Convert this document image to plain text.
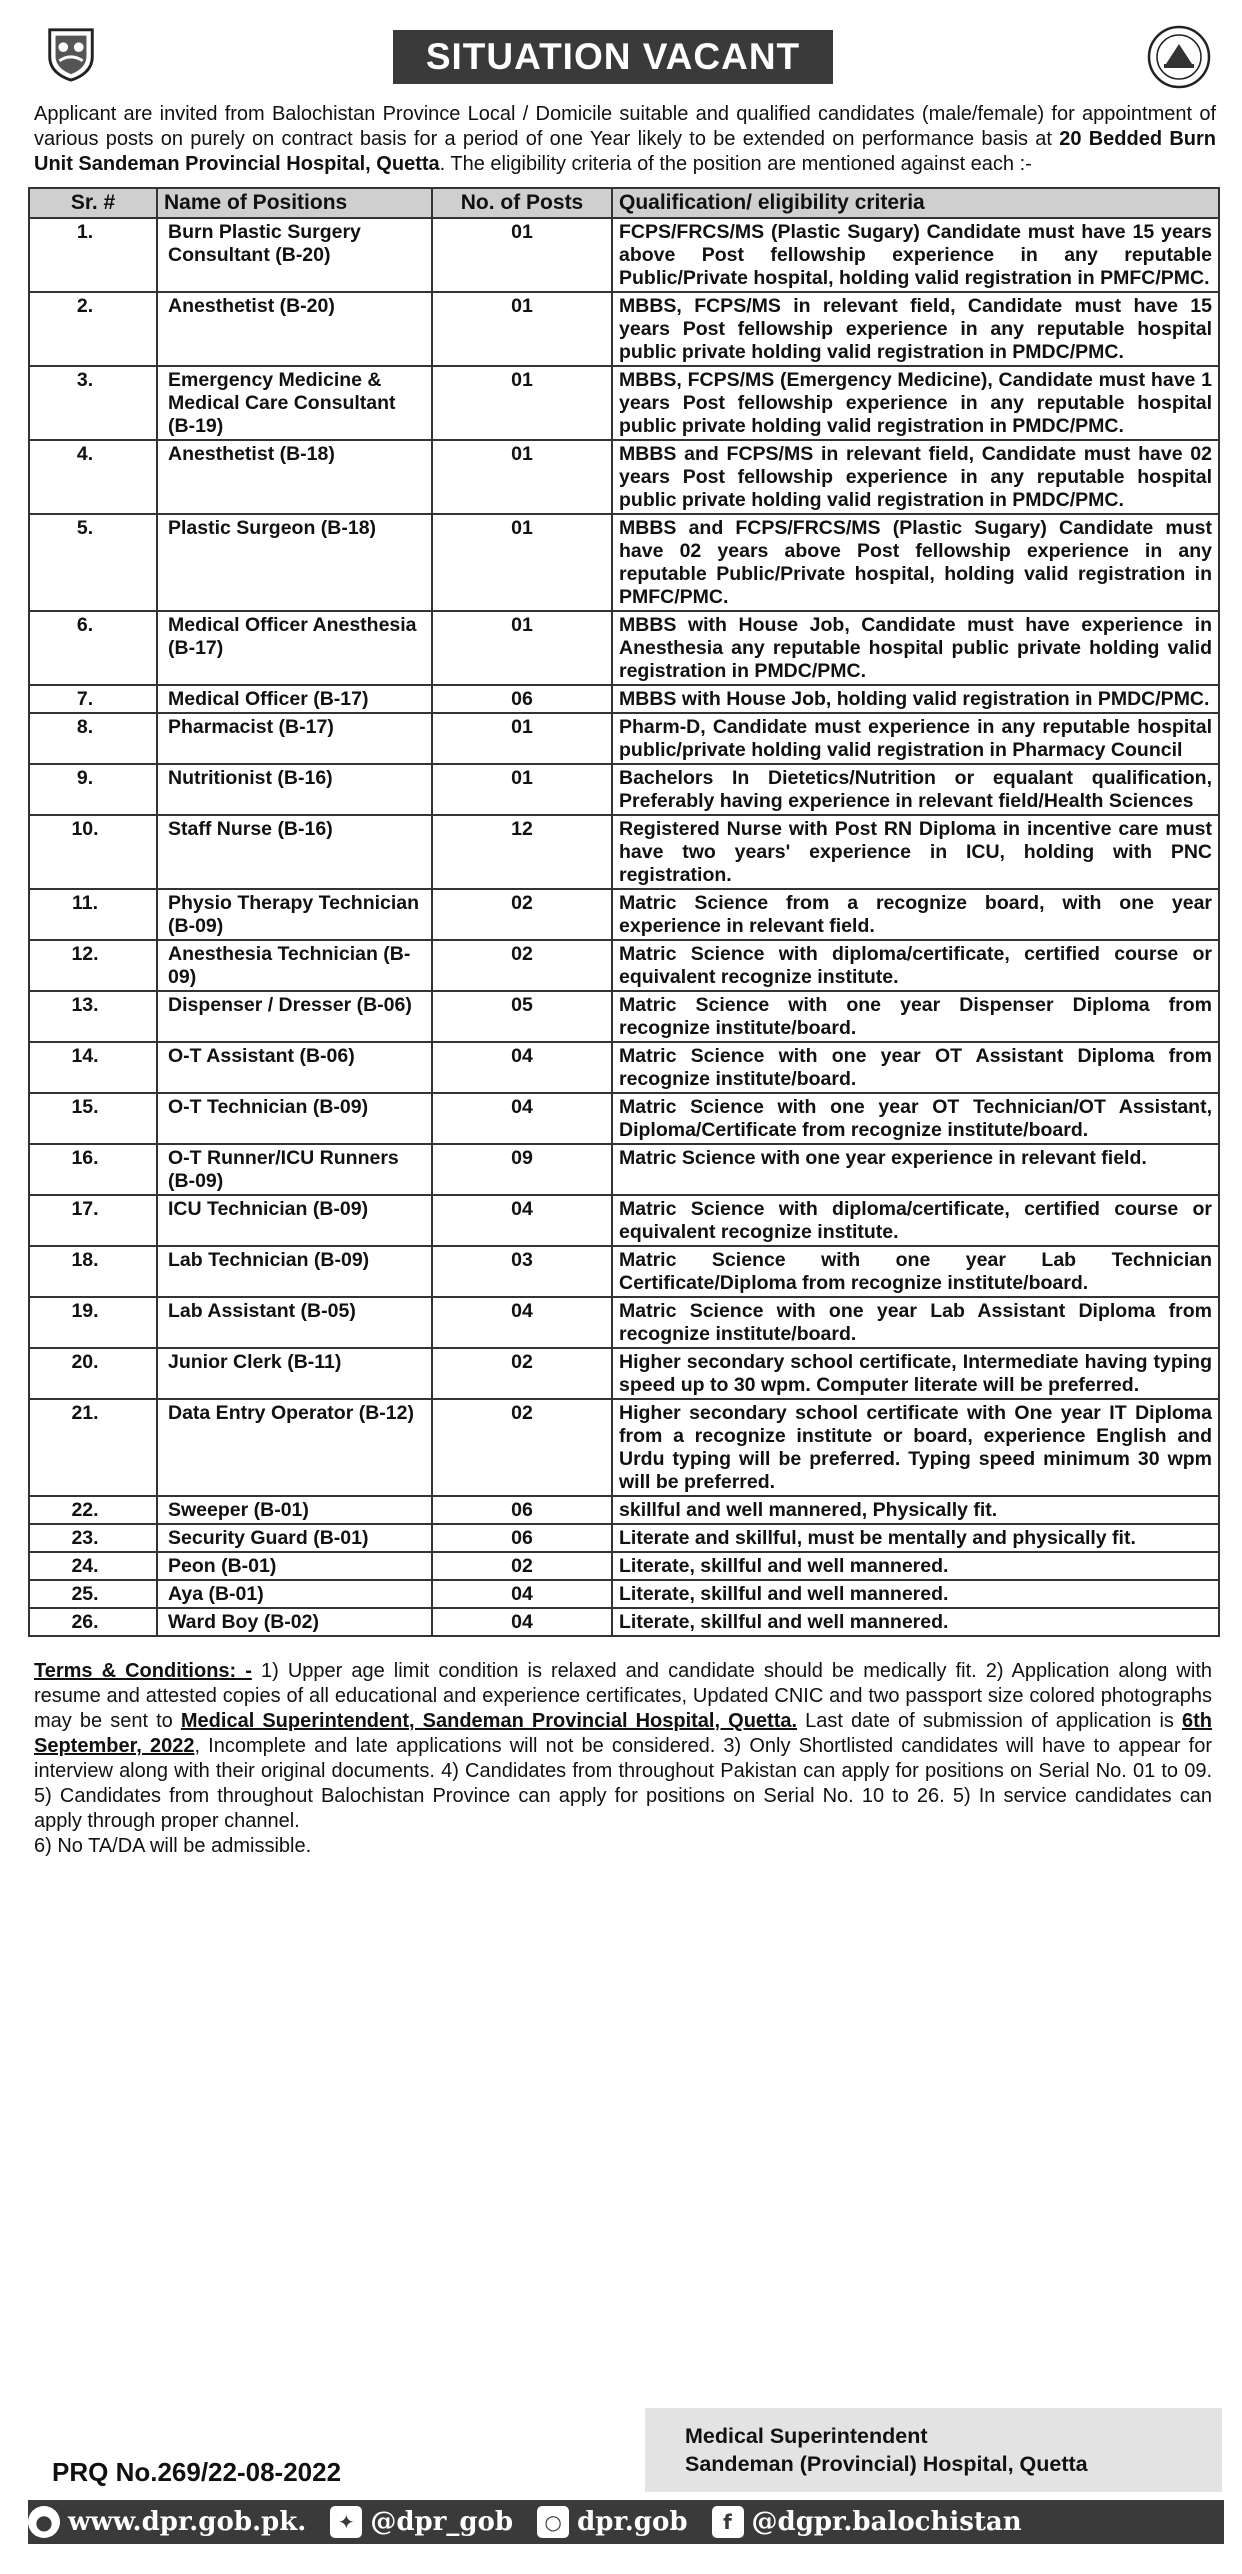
SITUATION VACANT

Applicant are invited from Balochistan Province Local / Domicile suitable and qualified candidates (male/female) for appointment of various posts on purely on contract basis for a period of one Year likely to be extended on performance basis at 20 Bedded Burn Unit Sandeman Provincial Hospital, Quetta. The eligibility criteria of the position are mentioned against each :-

Sr. #	Name of Positions	No. of Posts	Qualification/ eligibility criteria
1.	Burn Plastic Surgery Consultant (B-20)	01	FCPS/FRCS/MS (Plastic Sugary) Candidate must have 15 years above Post fellowship experience in any reputable Public/Private hospital, holding valid registration in PMFC/PMC.
2.	Anesthetist (B-20)	01	MBBS, FCPS/MS in relevant field, Candidate must have 15 years Post fellowship experience in any reputable hospital public private holding valid registration in PMDC/PMC.
3.	Emergency Medicine & Medical Care Consultant (B-19)	01	MBBS, FCPS/MS (Emergency Medicine), Candidate must have 1 years Post fellowship experience in any reputable hospital public private holding valid registration in PMDC/PMC.
4.	Anesthetist (B-18)	01	MBBS and FCPS/MS in relevant field, Candidate must have 02 years Post fellowship experience in any reputable hospital public private holding valid registration in PMDC/PMC.
5.	Plastic Surgeon (B-18)	01	MBBS and FCPS/FRCS/MS (Plastic Sugary) Candidate must have 02 years above Post fellowship experience in any reputable Public/Private hospital, holding valid registration in PMFC/PMC.
6.	Medical Officer Anesthesia (B-17)	01	MBBS with House Job, Candidate must have experience in Anesthesia any reputable hospital public private holding valid registration in PMDC/PMC.
7.	Medical Officer (B-17)	06	MBBS with House Job, holding valid registration in PMDC/PMC.
8.	Pharmacist (B-17)	01	Pharm-D, Candidate must experience in any reputable hospital public/private holding valid registration in Pharmacy Council
9.	Nutritionist (B-16)	01	Bachelors In Dietetics/Nutrition or equalant qualification, Preferably having experience in relevant field/Health Sciences
10.	Staff Nurse (B-16)	12	Registered Nurse with Post RN Diploma in incentive care must have two years' experience in ICU, holding with PNC registration.
11.	Physio Therapy Technician (B-09)	02	Matric Science from a recognize board, with one year experience in relevant field.
12.	Anesthesia Technician (B-09)	02	Matric Science with diploma/certificate, certified course or equivalent recognize institute.
13.	Dispenser / Dresser (B-06)	05	Matric Science with one year Dispenser Diploma from recognize institute/board.
14.	O-T Assistant (B-06)	04	Matric Science with one year OT Assistant Diploma from recognize institute/board.
15.	O-T Technician (B-09)	04	Matric Science with one year OT Technician/OT Assistant, Diploma/Certificate from recognize institute/board.
16.	O-T Runner/ICU Runners (B-09)	09	Matric Science with one year experience in relevant field.
17.	ICU Technician (B-09)	04	Matric Science with diploma/certificate, certified course or equivalent recognize institute.
18.	Lab Technician (B-09)	03	Matric Science with one year Lab Technician Certificate/Diploma from recognize institute/board.
19.	Lab Assistant (B-05)	04	Matric Science with one year Lab Assistant Diploma from recognize institute/board.
20.	Junior Clerk (B-11)	02	Higher secondary school certificate, Intermediate having typing speed up to 30 wpm. Computer literate will be preferred.
21.	Data Entry Operator (B-12)	02	Higher secondary school certificate with One year IT Diploma from a recognize institute or board, experience English and Urdu typing will be preferred. Typing speed minimum 30 wpm will be preferred.
22.	Sweeper (B-01)	06	skillful and well mannered, Physically fit.
23.	Security Guard (B-01)	06	Literate and skillful, must be mentally and physically fit.
24.	Peon (B-01)	02	Literate, skillful and well mannered.
25.	Aya (B-01)	04	Literate, skillful and well mannered.
26.	Ward Boy (B-02)	04	Literate, skillful and well mannered.

Terms & Conditions: - 1) Upper age limit condition is relaxed and candidate should be medically fit. 2) Application along with resume and attested copies of all educational and experience certificates, Updated CNIC and two passport size colored photographs may be sent to Medical Superintendent, Sandeman Provincial Hospital, Quetta. Last date of submission of application is 6th September, 2022, Incomplete and late applications will not be considered. 3) Only Shortlisted candidates will have to appear for interview along with their original documents. 4) Candidates from throughout Pakistan can apply for positions on Serial No. 01 to 09. 5) Candidates from throughout Balochistan Province can apply for positions on Serial No. 10 to 26. 5) In service candidates can apply through proper channel.
6) No TA/DA will be admissible.

Medical Superintendent
Sandeman (Provincial) Hospital, Quetta
PRQ No.269/22-08-2022
● www.dpr.gob.pk.	✦ @dpr_gob	○ dpr.gob	f @dgpr.balochistan
